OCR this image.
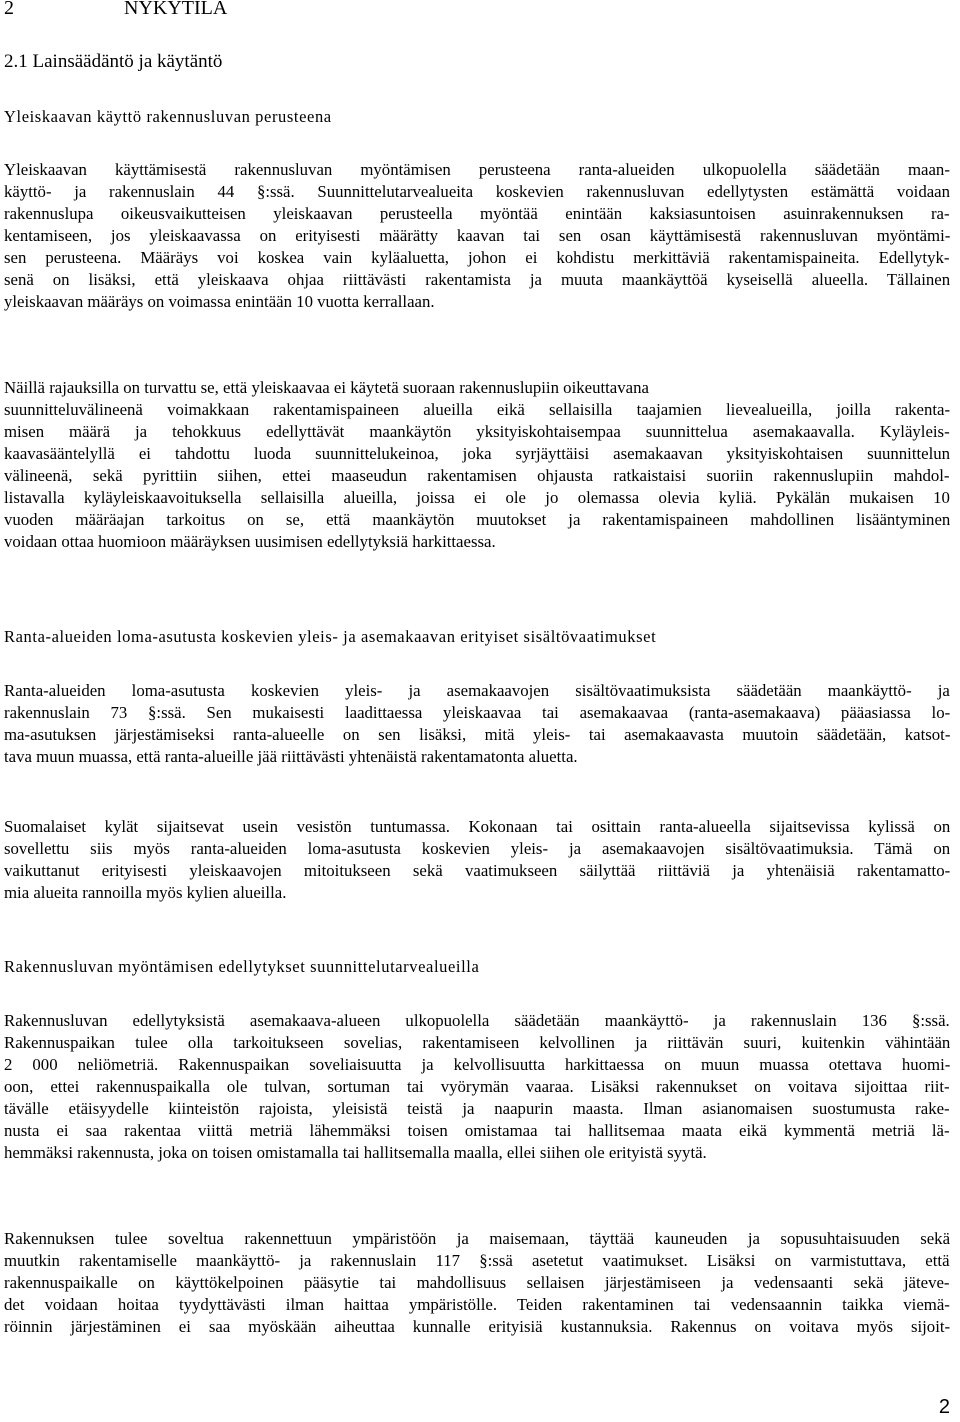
2	NYKYTILA
2.1 Lainsäädäntö ja käytäntö
Yleiskaavan käyttö rakennusluvan perusteena
Yleiskaavan käyttämisestä rakennusluvan myöntämisen perusteena ranta-alueiden ulkopuolella säädetään maan-
käyttö- ja rakennuslain 44 §:ssä. Suunnittelutarvealueita koskevien rakennusluvan edellytysten estämättä voidaan
rakennuslupa oikeusvaikutteisen yleiskaavan perusteella myöntää enintään kaksiasuntoisen asuinrakennuksen ra-
kentamiseen, jos yleiskaavassa on erityisesti määrätty kaavan tai sen osan käyttämisestä rakennusluvan myöntämi-
sen perusteena. Määräys voi koskea vain kyläaluetta, johon ei kohdistu merkittäviä rakentamispaineita. Edellytyk-
senä on lisäksi, että yleiskaava ohjaa riittävästi rakentamista ja muuta maankäyttöä kyseisellä alueella. Tällainen
yleiskaavan määräys on voimassa enintään 10 vuotta kerrallaan.
Näillä rajauksilla on turvattu se, että yleiskaavaa ei käytetä suoraan rakennuslupiin oikeuttavana
suunnitteluvälineenä voimakkaan rakentamispaineen alueilla eikä sellaisilla taajamien lievealueilla, joilla rakenta-
misen määrä ja tehokkuus edellyttävät maankäytön yksityiskohtaisempaa suunnittelua asemakaavalla. Kyläyleis-
kaavasääntelyllä ei tahdottu luoda suunnittelukeinoa, joka syrjäyttäisi asemakaavan yksityiskohtaisen suunnittelun
välineenä, sekä pyrittiin siihen, ettei maaseudun rakentamisen ohjausta ratkaistaisi suoriin rakennuslupiin mahdol-
listavalla kyläyleiskaavoituksella sellaisilla alueilla, joissa ei ole jo olemassa olevia kyliä. Pykälän mukaisen 10
vuoden määräajan tarkoitus on se, että maankäytön muutokset ja rakentamispaineen mahdollinen lisääntyminen
voidaan ottaa huomioon määräyksen uusimisen edellytyksiä harkittaessa.
Ranta-alueiden loma-asutusta koskevien yleis- ja asemakaavan erityiset sisältövaatimukset
Ranta-alueiden loma-asutusta koskevien yleis- ja asemakaavojen sisältövaatimuksista säädetään maankäyttö- ja
rakennuslain 73 §:ssä. Sen mukaisesti laadittaessa yleiskaavaa tai asemakaavaa (ranta-asemakaava) pääasiassa lo-
ma-asutuksen järjestämiseksi ranta-alueelle on sen lisäksi, mitä yleis- tai asemakaavasta muutoin säädetään, katsot-
tava muun muassa, että ranta-alueille jää riittävästi yhtenäistä rakentamatonta aluetta.
Suomalaiset kylät sijaitsevat usein vesistön tuntumassa. Kokonaan tai osittain ranta-alueella sijaitsevissa kylissä on
sovellettu siis myös ranta-alueiden loma-asutusta koskevien yleis- ja asemakaavojen sisältövaatimuksia. Tämä on
vaikuttanut erityisesti yleiskaavojen mitoitukseen sekä vaatimukseen säilyttää riittäviä ja yhtenäisiä rakentamatto-
mia alueita rannoilla myös kylien alueilla.
Rakennusluvan myöntämisen edellytykset suunnittelutarvealueilla
Rakennusluvan edellytyksistä asemakaava-alueen ulkopuolella säädetään maankäyttö- ja rakennuslain 136 §:ssä.
Rakennuspaikan tulee olla tarkoitukseen sovelias, rakentamiseen kelvollinen ja riittävän suuri, kuitenkin vähintään
2 000 neliömetriä. Rakennuspaikan soveliaisuutta ja kelvollisuutta harkittaessa on muun muassa otettava huomi-
oon, ettei rakennuspaikalla ole tulvan, sortuman tai vyörymän vaaraa. Lisäksi rakennukset on voitava sijoittaa riit-
tävälle etäisyydelle kiinteistön rajoista, yleisistä teistä ja naapurin maasta. Ilman asianomaisen suostumusta rake-
nusta ei saa rakentaa viittä metriä lähemmäksi toisen omistamaa tai hallitsemaa maata eikä kymmentä metriä lä-
hemmäksi rakennusta, joka on toisen omistamalla tai hallitsemalla maalla, ellei siihen ole erityistä syytä.
Rakennuksen tulee soveltua rakennettuun ympäristöön ja maisemaan, täyttää kauneuden ja sopusuhtaisuuden sekä
muutkin rakentamiselle maankäyttö- ja rakennuslain 117 §:ssä asetetut vaatimukset. Lisäksi on varmistuttava, että
rakennuspaikalle on käyttökelpoinen pääsytie tai mahdollisuus sellaisen järjestämiseen ja vedensaanti sekä jäteve-
det voidaan hoitaa tyydyttävästi ilman haittaa ympäristölle. Teiden rakentaminen tai vedensaannin taikka viemä-
röinnin järjestäminen ei saa myöskään aiheuttaa kunnalle erityisiä kustannuksia. Rakennus on voitava myös sijoit-
2
